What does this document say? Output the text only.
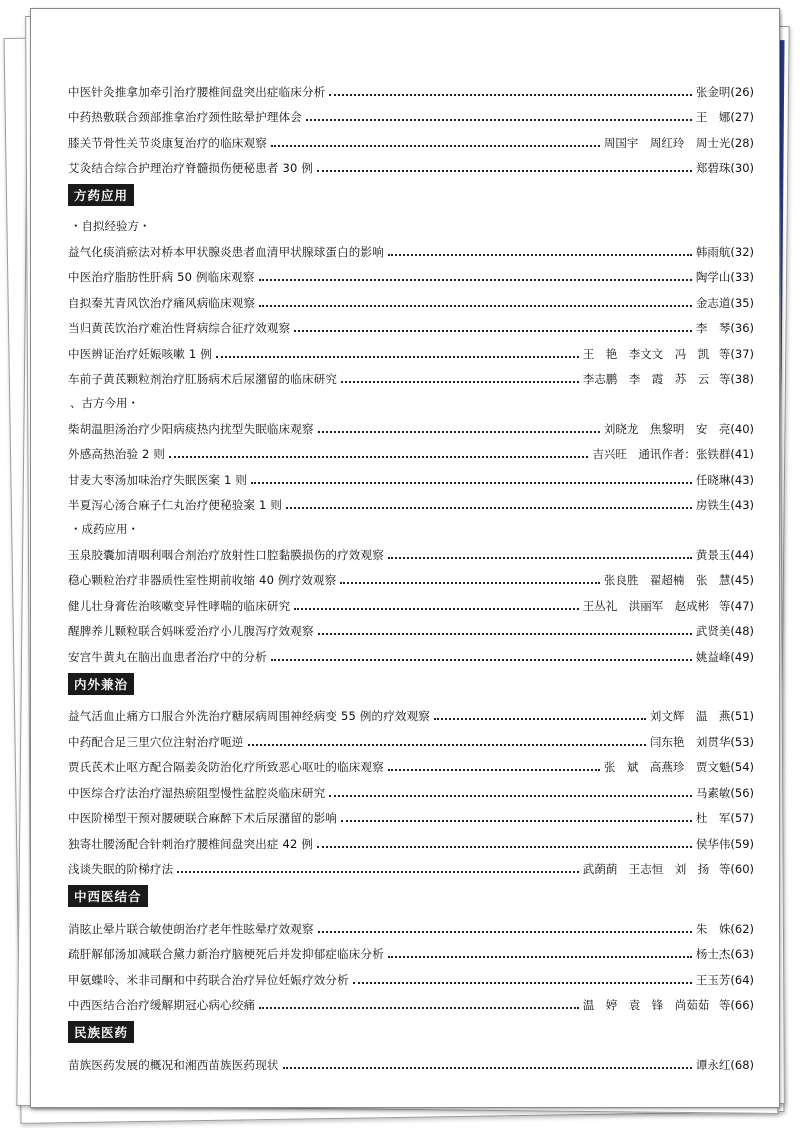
中医针灸推拿加牵引治疗腰椎间盘突出症临床分析	张金明(26)
中药热敷联合颈部推拿治疗颈性眩晕护理体会	王　娜(27)
膝关节骨性关节炎康复治疗的临床观察	周国宇　周红玲　周士光(28)
艾灸结合综合护理治疗脊髓损伤便秘患者 30 例	郑碧珠(30)
方药应用
・自拟经验方・
益气化痰消瘀法对桥本甲状腺炎患者血清甲状腺球蛋白的影响	韩雨航(32)
中医治疗脂肪性肝病 50 例临床观察	陶学山(33)
自拟秦艽青风饮治疗痛风病临床观察	金志道(35)
当归黄芪饮治疗难治性肾病综合征疗效观察	李　琴(36)
中医辨证治疗妊娠咳嗽 1 例	王　艳　李文文　冯　凯 等(37)
车前子黄芪颗粒剂治疗肛肠病术后尿潴留的临床研究	李志鹏　李　霞　苏　云 等(38)
、古方今用・
柴胡温胆汤治疗少阳病痰热内扰型失眠临床观察	刘晓龙　焦黎明　安　亮(40)
外感高热治验 2 则	吉兴旺　通讯作者：张铁群(41)
甘麦大枣汤加味治疗失眠医案 1 则	任晓琳(43)
半夏泻心汤合麻子仁丸治疗便秘验案 1 则	房铁生(43)
・成药应用・
玉泉胶囊加清咽利咽合剂治疗放射性口腔黏膜损伤的疗效观察	黄景玉(44)
稳心颗粒治疗非器质性室性期前收缩 40 例疗效观察	张良胜　翟超楠　张　慧(45)
健儿壮身膏佐治咳嗽变异性哮喘的临床研究	王丛礼　洪丽军　赵成彬 等(47)
醒脾养儿颗粒联合妈咪爱治疗小儿腹泻疗效观察	武贤美(48)
安宫牛黄丸在脑出血患者治疗中的分析	姚益峰(49)
内外兼治
益气活血止痛方口服合外洗治疗糖尿病周围神经病变 55 例的疗效观察	刘文辉　温　燕(51)
中药配合足三里穴位注射治疗呃逆	闫东艳　刘贯华(53)
贾氏芪术止呕方配合隔姜灸防治化疗所致恶心呕吐的临床观察	张　斌　高燕珍　贾文魁(54)
中医综合疗法治疗湿热瘀阻型慢性盆腔炎临床研究	马素敏(56)
中医阶梯型干预对腰硬联合麻醉下术后尿潴留的影响	杜　军(57)
独寄壮腰汤配合针刺治疗腰椎间盘突出症 42 例	侯华伟(59)
浅谈失眠的阶梯疗法	武蓢蓢　王志恒　刘　扬 等(60)
中西医结合
消眩止晕片联合敏使朗治疗老年性眩晕疗效观察	朱　姝(62)
疏肝解郁汤加减联合黛力新治疗脑梗死后并发抑郁症临床分析	杨士杰(63)
甲氨蝶呤、米非司酮和中药联合治疗异位妊娠疗效分析	王玉芳(64)
中西医结合治疗缓解期冠心病心绞痛	温　婷　袁　锋　尚茹茹 等(66)
民族医药
苗族医药发展的概况和湘西苗族医药现状	谭永红(68)
